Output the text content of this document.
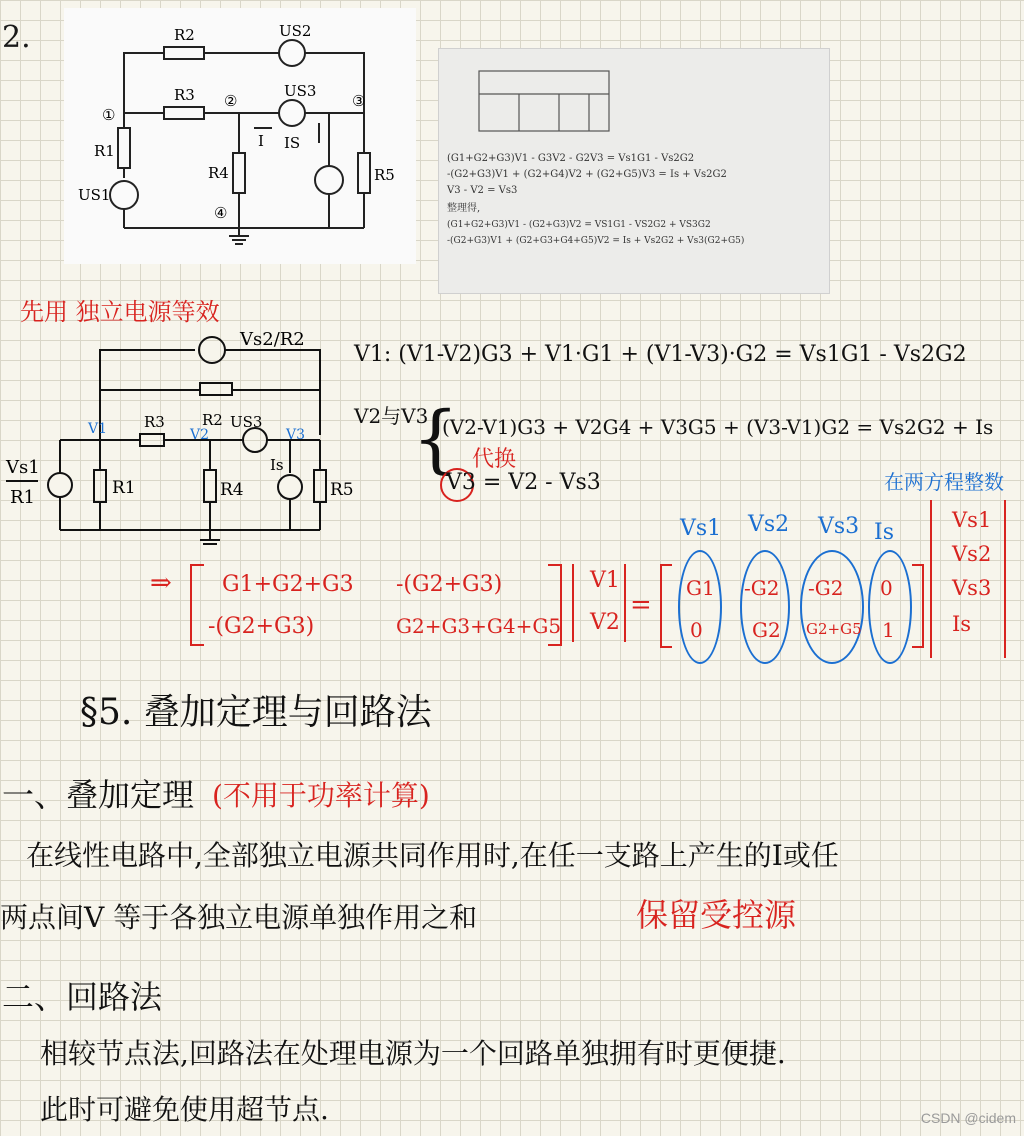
2.	R2	US2
R3	US3
①
②	③
④
R1
US1
R4
IS
R5
I
(G1+G2+G3)V1 - G3V2 - G2V3 = Vs1G1 - Vs2G2
-(G2+G3)V1 + (G2+G4)V2 + (G2+G5)V3 = Is + Vs2G2
V3 - V2 = Vs3
整理得,
(G1+G2+G3)V1 - (G2+G3)V2 = VS1G1 - VS2G2 + VS3G2
-(G2+G3)V1 + (G2+G3+G4+G5)V2 = Is + Vs2G2 + Vs3(G2+G5)
先用 独立电源等效
Vs2/R2
V1	V2	V3
R3 R2 US3
R1	R4
Is
R5
Vs1
R1
V1: (V1-V2)G3 + V1·G1 + (V1-V3)·G2 = Vs1G1 - Vs2G2
V2与V3
{
(V2-V1)G3 + V2G4 + V3G5 + (V3-V1)G2 = Vs2G2 + Is
代换
V3 = V2 - Vs3	在两方程整数
⇒ G1+G2+G3 -(G2+G3)
-(G2+G3)	G2+G3+G4+G5
V1
V2
=
Vs1 Vs2 Vs3 Is
G1 -G2 -G2 0
0 G2 G2+G5 1
Vs1
Vs2
Vs3
Is
§5. 叠加定理与回路法
一、叠加定理 (不用于功率计算)
在线性电路中,全部独立电源共同作用时,在任一支路上产生的I或任
两点间V 等于各独立电源单独作用之和	保留受控源
二、回路法
相较节点法,回路法在处理电源为一个回路单独拥有时更便捷.
此时可避免使用超节点.	CSDN @cidem
